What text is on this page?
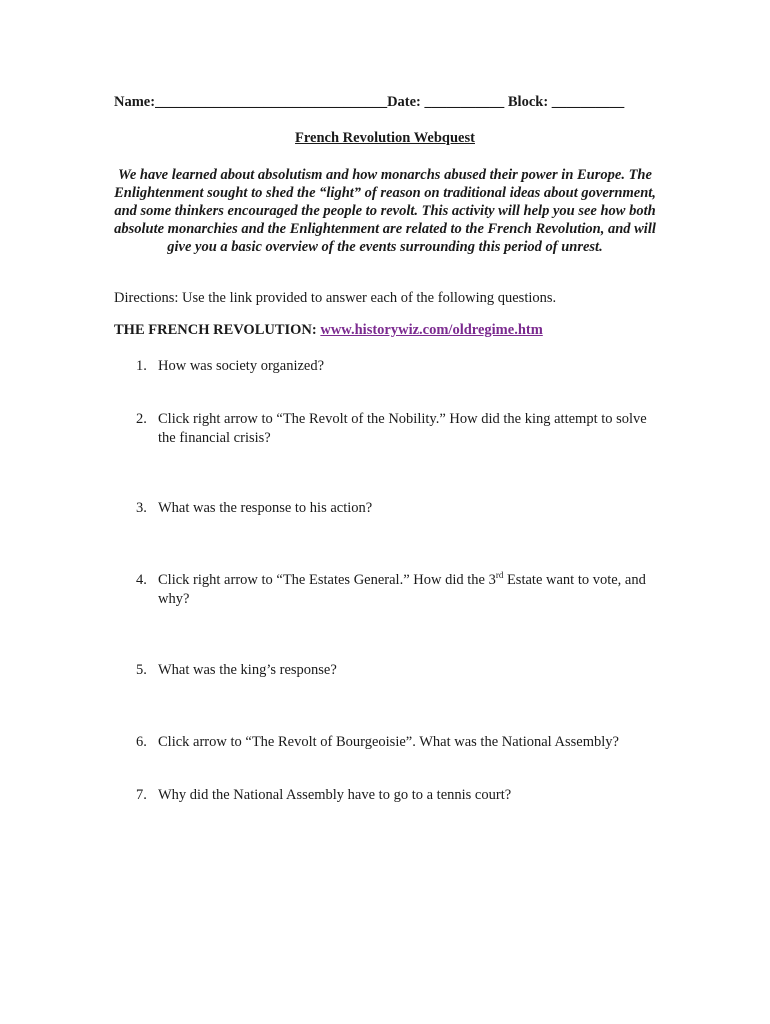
Name:________________________________Date: ___________ Block: __________
French Revolution Webquest
We have learned about absolutism and how monarchs abused their power in Europe. The Enlightenment sought to shed the “light” of reason on traditional ideas about government, and some thinkers encouraged the people to revolt. This activity will help you see how both absolute monarchies and the Enlightenment are related to the French Revolution, and will give you a basic overview of the events surrounding this period of unrest.
Directions: Use the link provided to answer each of the following questions.
THE FRENCH REVOLUTION: www.historywiz.com/oldregime.htm
1. How was society organized?
2. Click right arrow to “The Revolt of the Nobility.” How did the king attempt to solve the financial crisis?
3. What was the response to his action?
4. Click right arrow to “The Estates General.” How did the 3rd Estate want to vote, and why?
5. What was the king’s response?
6. Click arrow to “The Revolt of Bourgeoisie”. What was the National Assembly?
7. Why did the National Assembly have to go to a tennis court?
